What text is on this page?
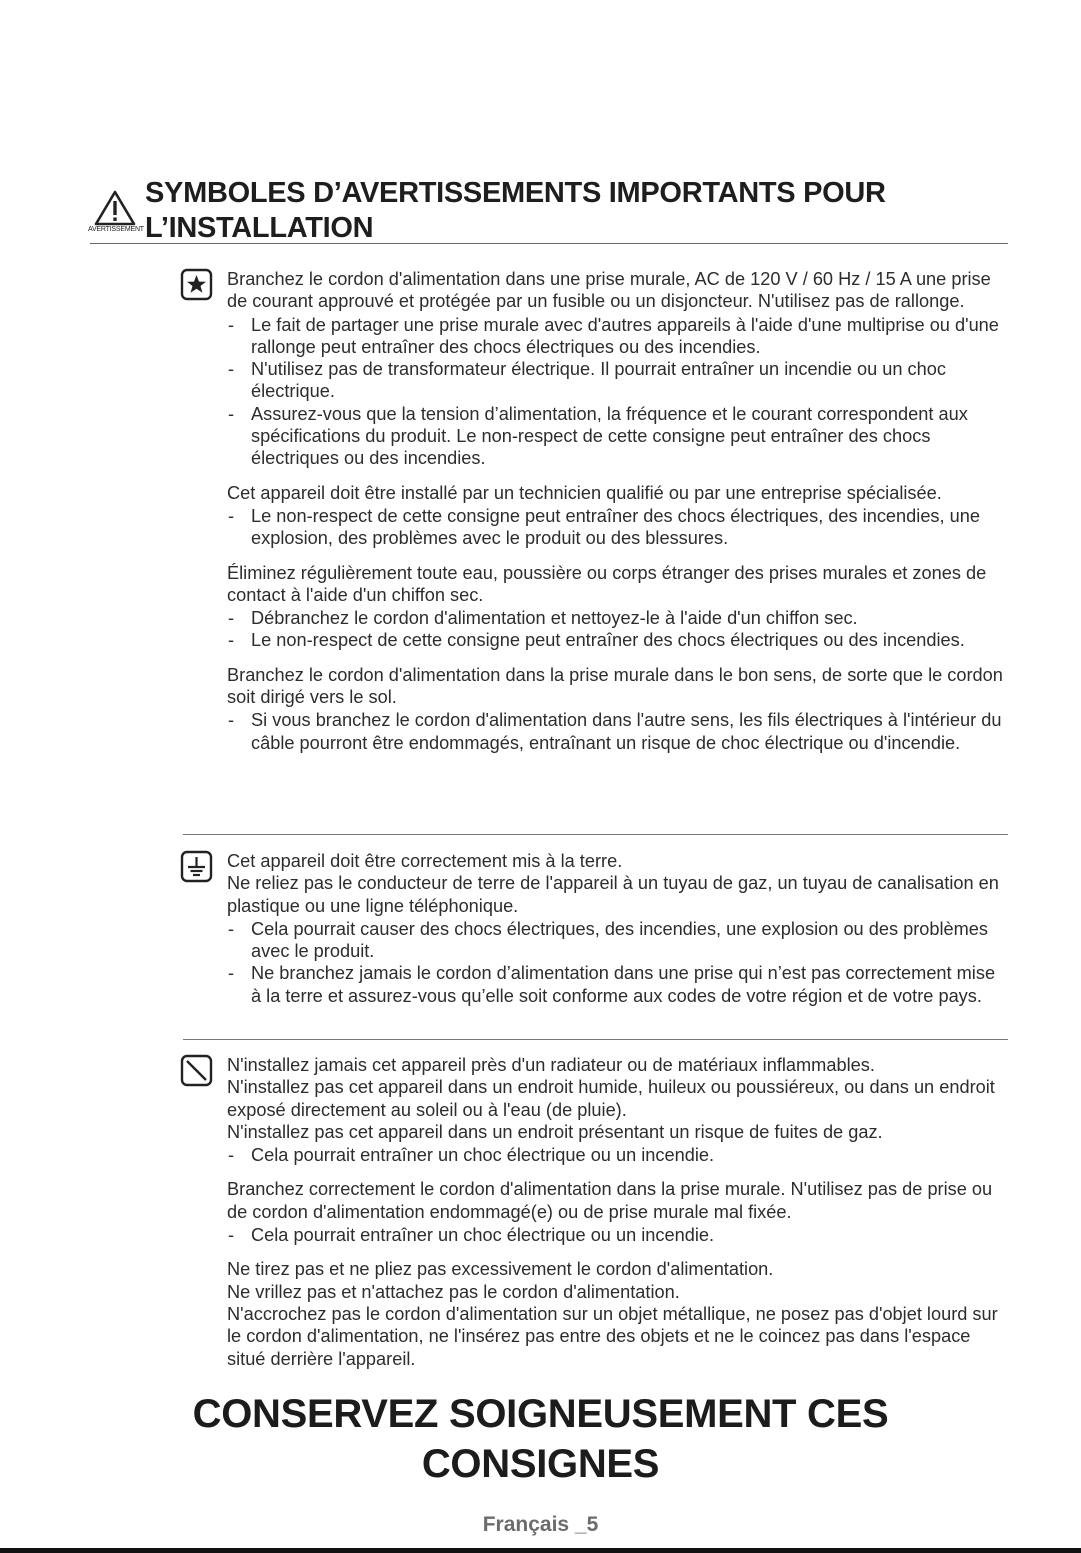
AVERTISSEMENT
SYMBOLES D’AVERTISSEMENTS IMPORTANTS POUR
L’INSTALLATION
Branchez le cordon d'alimentation dans une prise murale, AC de 120 V / 60 Hz / 15 A une prise de courant approuvé et protégée par un fusible ou un disjoncteur. N'utilisez pas de rallonge.
- Le fait de partager une prise murale avec d'autres appareils à l'aide d'une multiprise ou d'une rallonge peut entraîner des chocs électriques ou des incendies.
- N'utilisez pas de transformateur électrique. Il pourrait entraîner un incendie ou un choc électrique.
- Assurez-vous que la tension d’alimentation, la fréquence et le courant correspondent aux spécifications du produit. Le non-respect de cette consigne peut entraîner des chocs électriques ou des incendies.
Cet appareil doit être installé par un technicien qualifié ou par une entreprise spécialisée.
- Le non-respect de cette consigne peut entraîner des chocs électriques, des incendies, une explosion, des problèmes avec le produit ou des blessures.
Éliminez régulièrement toute eau, poussière ou corps étranger des prises murales et zones de contact à l'aide d'un chiffon sec.
- Débranchez le cordon d'alimentation et nettoyez-le à l'aide d'un chiffon sec.
- Le non-respect de cette consigne peut entraîner des chocs électriques ou des incendies.
Branchez le cordon d'alimentation dans la prise murale dans le bon sens, de sorte que le cordon soit dirigé vers le sol.
- Si vous branchez le cordon d'alimentation dans l'autre sens, les fils électriques à l'intérieur du câble pourront être endommagés, entraînant un risque de choc électrique ou d'incendie.
Cet appareil doit être correctement mis à la terre.
Ne reliez pas le conducteur de terre de l'appareil à un tuyau de gaz, un tuyau de canalisation en plastique ou une ligne téléphonique.
- Cela pourrait causer des chocs électriques, des incendies, une explosion ou des problèmes avec le produit.
- Ne branchez jamais le cordon d’alimentation dans une prise qui n’est pas correctement mise à la terre et assurez-vous qu’elle soit conforme aux codes de votre région et de votre pays.
N'installez jamais cet appareil près d'un radiateur ou de matériaux inflammables.
N'installez pas cet appareil dans un endroit humide, huileux ou poussiéreux, ou dans un endroit exposé directement au soleil ou à l'eau (de pluie).
N'installez pas cet appareil dans un endroit présentant un risque de fuites de gaz.
- Cela pourrait entraîner un choc électrique ou un incendie.
Branchez correctement le cordon d'alimentation dans la prise murale. N'utilisez pas de prise ou de cordon d'alimentation endommagé(e) ou de prise murale mal fixée.
- Cela pourrait entraîner un choc électrique ou un incendie.
Ne tirez pas et ne pliez pas excessivement le cordon d'alimentation.
Ne vrillez pas et n'attachez pas le cordon d'alimentation.
N'accrochez pas le cordon d'alimentation sur un objet métallique, ne posez pas d'objet lourd sur le cordon d'alimentation, ne l'insérez pas entre des objets et ne le coincez pas dans l'espace situé derrière l'appareil.
CONSERVEZ SOIGNEUSEMENT CES
CONSIGNES
Français _5
